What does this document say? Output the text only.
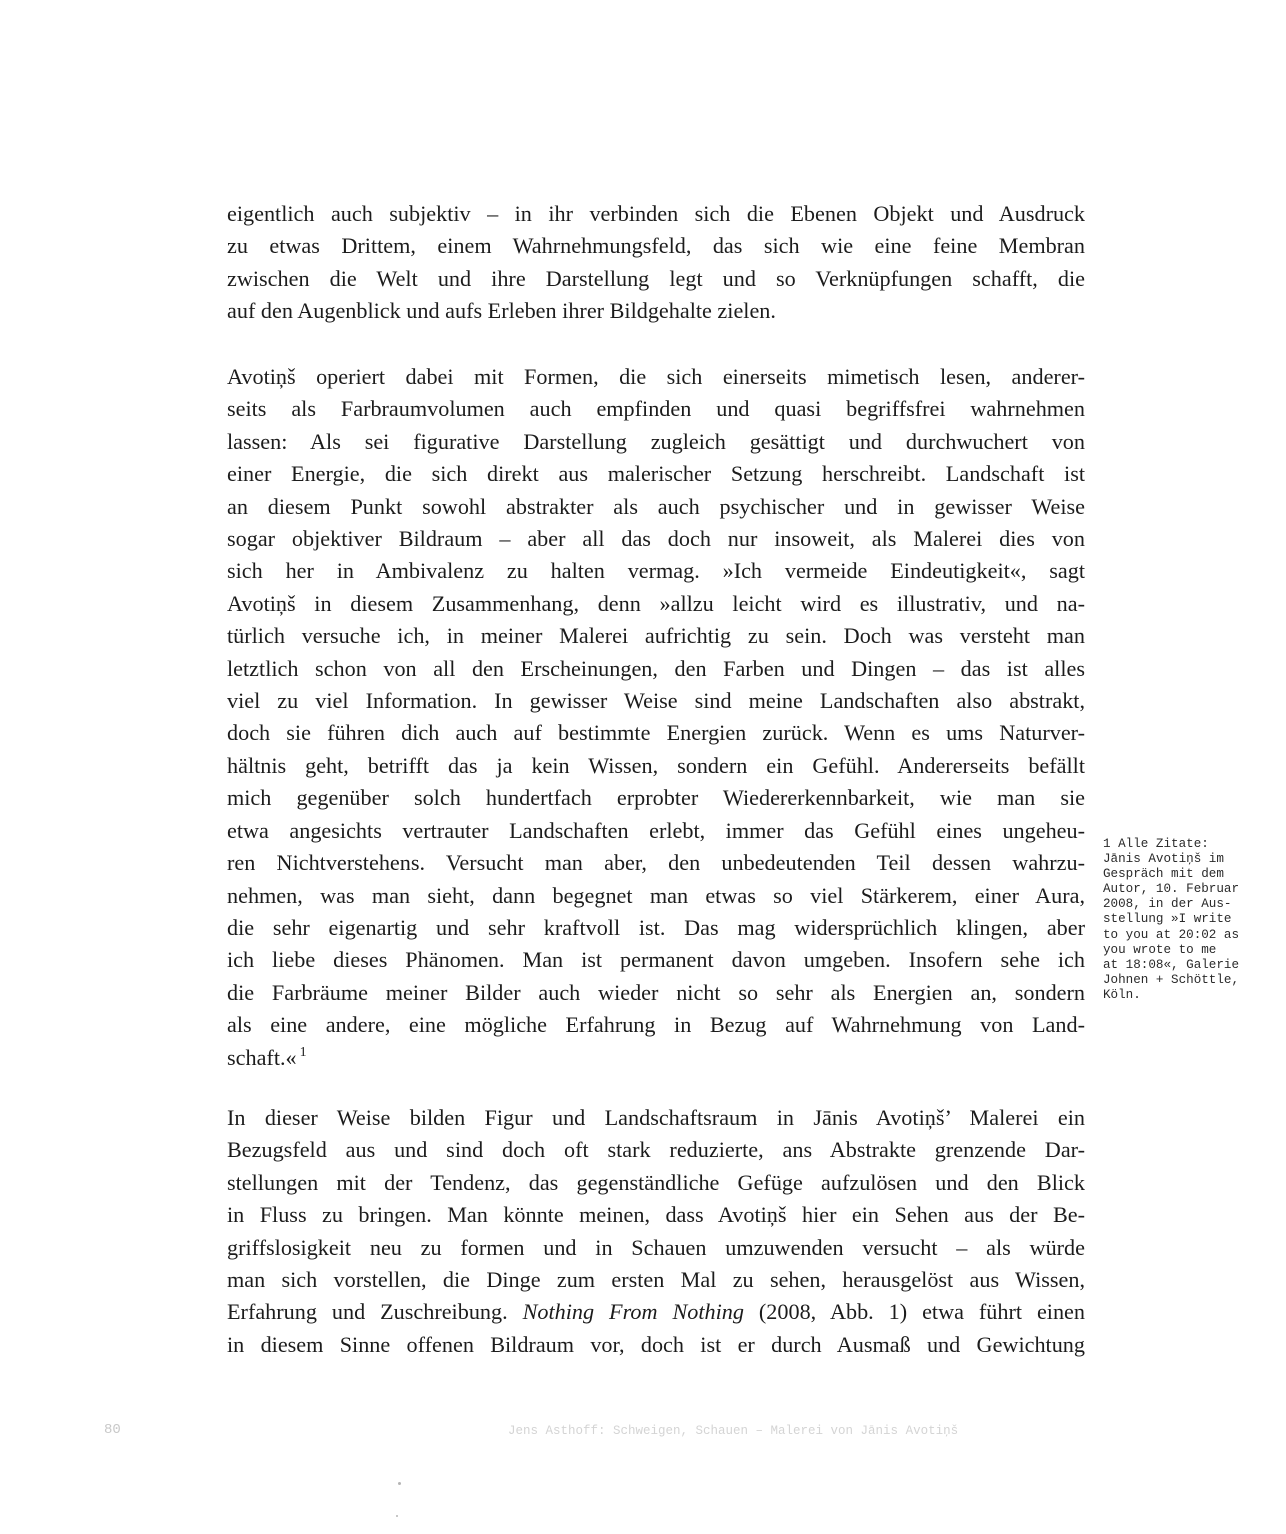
eigentlich auch subjektiv – in ihr verbinden sich die Ebenen Objekt und Ausdruck

zu etwas Drittem, einem Wahrnehmungsfeld, das sich wie eine feine Membran

zwischen die Welt und ihre Darstellung legt und so Verknüpfungen schafft, die

auf den Augenblick und aufs Erleben ihrer Bildgehalte zielen.

Avotiņš operiert dabei mit Formen, die sich einerseits mimetisch lesen, anderer-

seits als Farbraumvolumen auch empfinden und quasi begriffsfrei wahrnehmen

lassen: Als sei figurative Darstellung zugleich gesättigt und durchwuchert von

einer Energie, die sich direkt aus malerischer Setzung herschreibt. Landschaft ist

an diesem Punkt sowohl abstrakter als auch psychischer und in gewisser Weise

sogar objektiver Bildraum – aber all das doch nur insoweit, als Malerei dies von

sich her in Ambivalenz zu halten vermag. »Ich vermeide Eindeutigkeit«, sagt

Avotiņš in diesem Zusammenhang, denn »allzu leicht wird es illustrativ, und na-

türlich versuche ich, in meiner Malerei aufrichtig zu sein. Doch was versteht man

letztlich schon von all den Erscheinungen, den Farben und Dingen – das ist alles

viel zu viel Information. In gewisser Weise sind meine Landschaften also abstrakt,

doch sie führen dich auch auf bestimmte Energien zurück. Wenn es ums Naturver-

hältnis geht, betrifft das ja kein Wissen, sondern ein Gefühl. Andererseits befällt

mich gegenüber solch hundertfach erprobter Wiedererkennbarkeit, wie man sie

etwa angesichts vertrauter Landschaften erlebt, immer das Gefühl eines ungeheu-

ren Nichtverstehens. Versucht man aber, den unbedeutenden Teil dessen wahrzu-

nehmen, was man sieht, dann begegnet man etwas so viel Stärkerem, einer Aura,

die sehr eigenartig und sehr kraftvoll ist. Das mag widersprüchlich klingen, aber

ich liebe dieses Phänomen. Man ist permanent davon umgeben. Insofern sehe ich

die Farbräume meiner Bilder auch wieder nicht so sehr als Energien an, sondern

als eine andere, eine mögliche Erfahrung in Bezug auf Wahrnehmung von Land-

schaft.« $^1$

In dieser Weise bilden Figur und Landschaftsraum in Jānis Avotiņš’ Malerei ein

Bezugsfeld aus und sind doch oft stark reduzierte, ans Abstrakte grenzende Dar-

stellungen mit der Tendenz, das gegenständliche Gefüge aufzulösen und den Blick

in Fluss zu bringen. Man könnte meinen, dass Avotiņš hier ein Sehen aus der Be-

griffslosigkeit neu zu formen und in Schauen umzuwenden versucht – als würde

man sich vorstellen, die Dinge zum ersten Mal zu sehen, herausgelöst aus Wissen,

Erfahrung und Zuschreibung. Nothing From Nothing (2008, Abb. 1) etwa führt einen

in diesem Sinne offenen Bildraum vor, doch ist er durch Ausmaß und Gewichtung

1 Alle Zitate:
Jānis Avotiņš im
Gespräch mit dem
Autor, 10. Februar
2008, in der Aus-
stellung »I write
to you at 20:02 as
you wrote to me
at 18:08«, Galerie
Johnen + Schöttle,
Köln.
80	Jens Asthoff: Schweigen, Schauen – Malerei von Jānis Avotiņš
